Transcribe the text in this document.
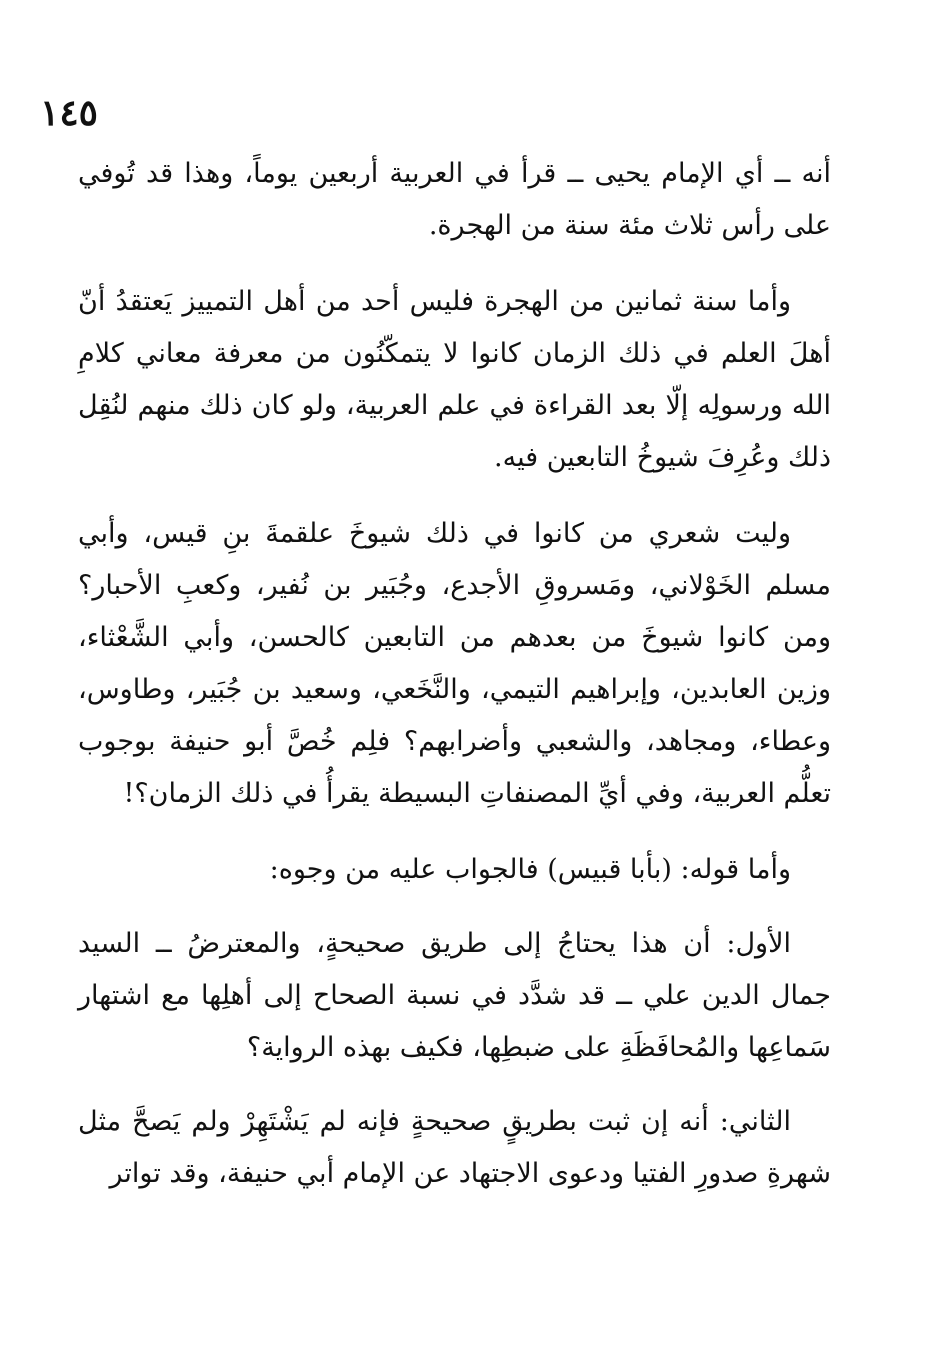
١٤٥

أنه ــ أي الإمام يحيى ــ قرأ في العربية أربعين يوماً، وهذا قد تُوفي على رأس ثلاث مئة سنة من الهجرة.

وأما سنة ثمانين من الهجرة فليس أحد من أهل التمييز يَعتقدُ أنّ أهلَ العلم في ذلك الزمان كانوا لا يتمكّنُون من معرفة معاني كلامِ الله ورسولِه إلّا بعد القراءة في علم العربية، ولو كان ذلك منهم لنُقِل ذلك وعُرِفَ شيوخُ التابعين فيه.

وليت شعري من كانوا في ذلك شيوخَ علقمةَ بنِ قيس، وأبي مسلم الخَوْلاني، ومَسروقِ الأجدع، وجُبَير بن نُفير، وكعبِ الأحبار؟ ومن كانوا شيوخَ من بعدهم من التابعين كالحسن، وأبي الشَّعْثاء، وزين العابدين، وإبراهيم التيمي، والنَّخَعي، وسعيد بن جُبَير، وطاوس، وعطاء، ومجاهد، والشعبي وأضرابهم؟ فلِم خُصَّ أبو حنيفة بوجوب تعلُّم العربية، وفي أيِّ المصنفاتِ البسيطة يقرأُ في ذلك الزمان؟!

وأما قوله: (بأبا قبيس) فالجواب عليه من وجوه:

الأول: أن هذا يحتاجُ إلى طريق صحيحةٍ، والمعترضُ ــ السيد جمال الدين علي ــ قد شدَّد في نسبة الصحاح إلى أهلِها مع اشتهار سَماعِها والمُحافَظَةِ على ضبطِها، فكيف بهذه الرواية؟

الثاني: أنه إن ثبت بطريقٍ صحيحةٍ فإنه لم يَشْتَهِرْ ولم يَصحَّ مثل شهرةِ صدورِ الفتيا ودعوى الاجتهاد عن الإمام أبي حنيفة، وقد تواتر
